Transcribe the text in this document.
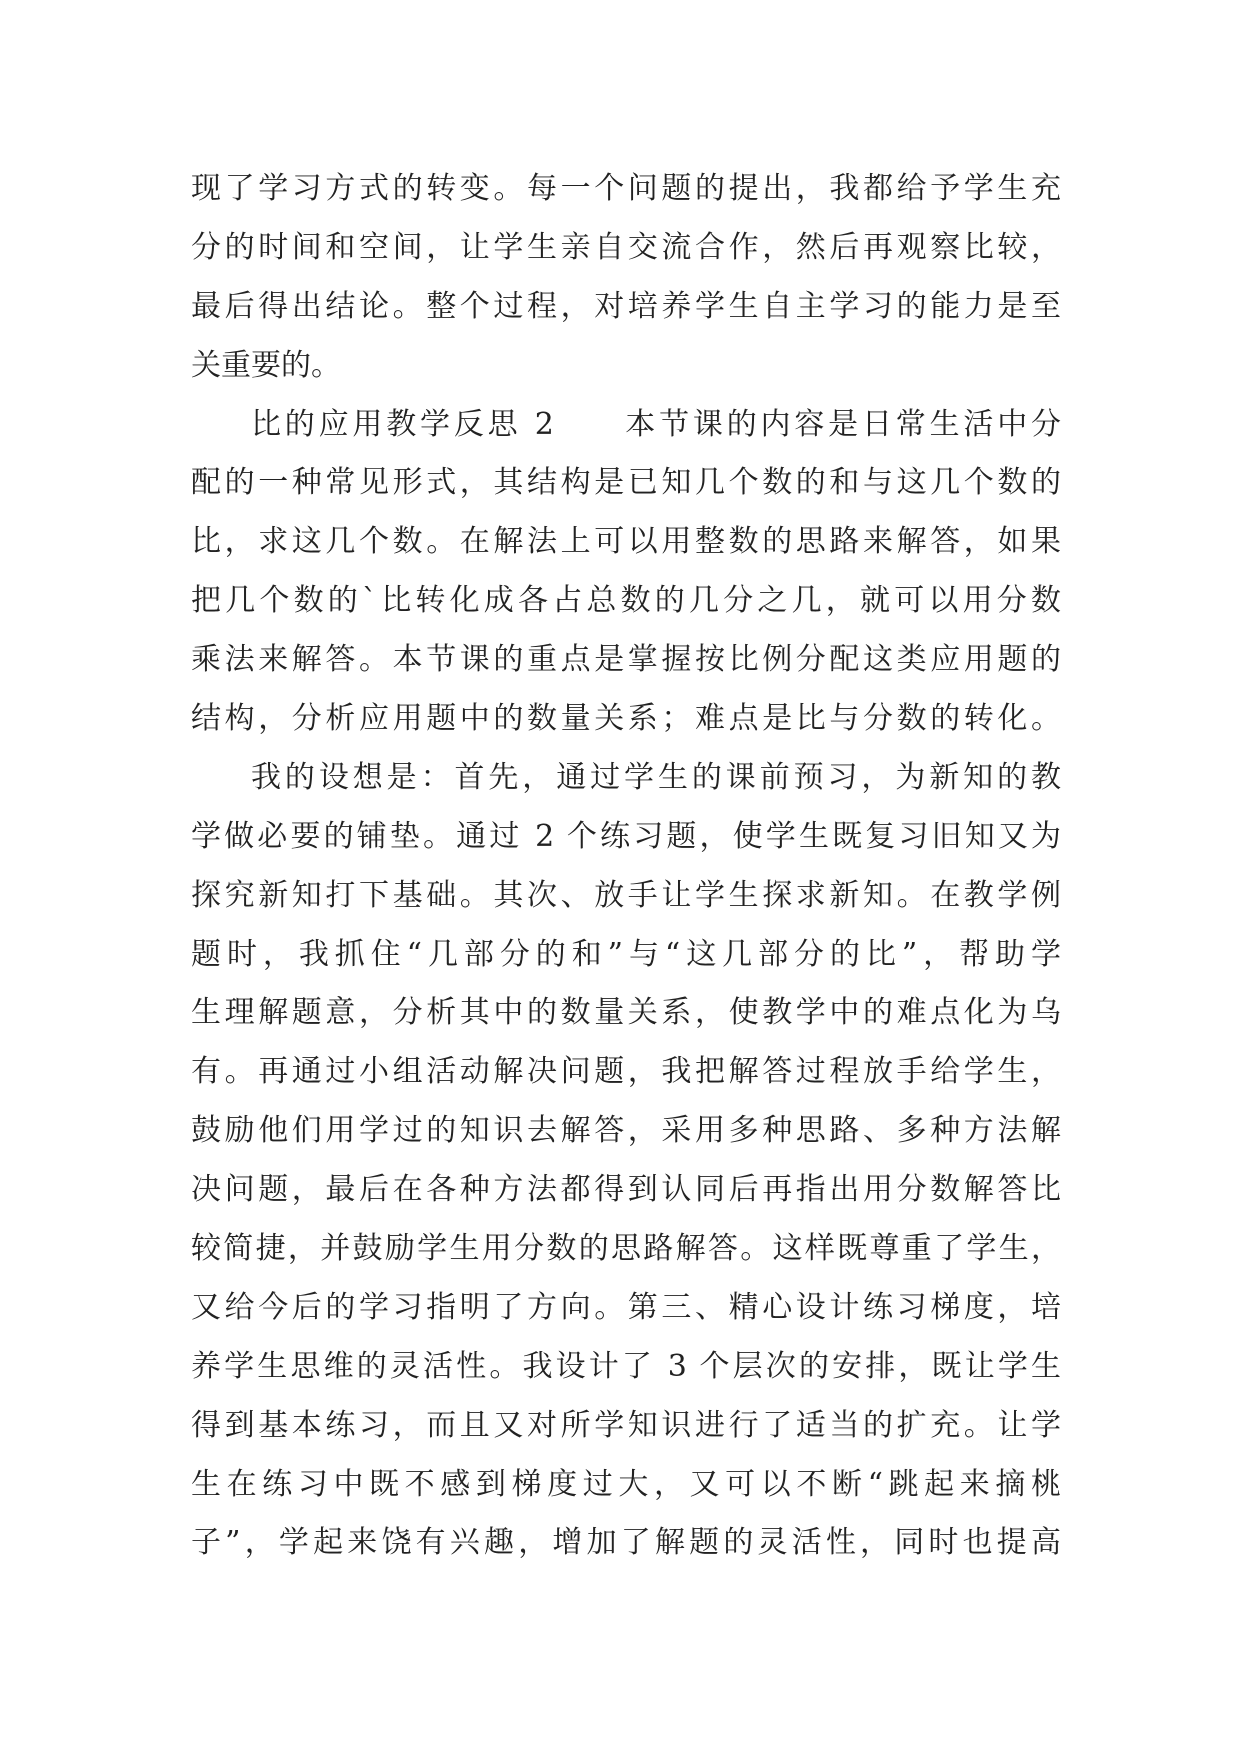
现了学习方式的转变。每一个问题的提出，我都给予学生充
分的时间和空间，让学生亲自交流合作，然后再观察比较，
最后得出结论。整个过程，对培养学生自主学习的能力是至
关重要的。
比的应用教学反思 2　　本节课的内容是日常生活中分
配的一种常见形式，其结构是已知几个数的和与这几个数的
比，求这几个数。在解法上可以用整数的思路来解答，如果
把几个数的`比转化成各占总数的几分之几，就可以用分数
乘法来解答。本节课的重点是掌握按比例分配这类应用题的
结构，分析应用题中的数量关系；难点是比与分数的转化。
我的设想是：首先，通过学生的课前预习，为新知的教
学做必要的铺垫。通过 2 个练习题，使学生既复习旧知又为
探究新知打下基础。其次、放手让学生探求新知。在教学例
题时，我抓住“几部分的和”与“这几部分的比”，帮助学
生理解题意，分析其中的数量关系，使教学中的难点化为乌
有。再通过小组活动解决问题，我把解答过程放手给学生，
鼓励他们用学过的知识去解答，采用多种思路、多种方法解
决问题，最后在各种方法都得到认同后再指出用分数解答比
较简捷，并鼓励学生用分数的思路解答。这样既尊重了学生，
又给今后的学习指明了方向。第三、精心设计练习梯度，培
养学生思维的灵活性。我设计了 3 个层次的安排，既让学生
得到基本练习，而且又对所学知识进行了适当的扩充。让学
生在练习中既不感到梯度过大，又可以不断“跳起来摘桃
子”，学起来饶有兴趣，增加了解题的灵活性，同时也提高
